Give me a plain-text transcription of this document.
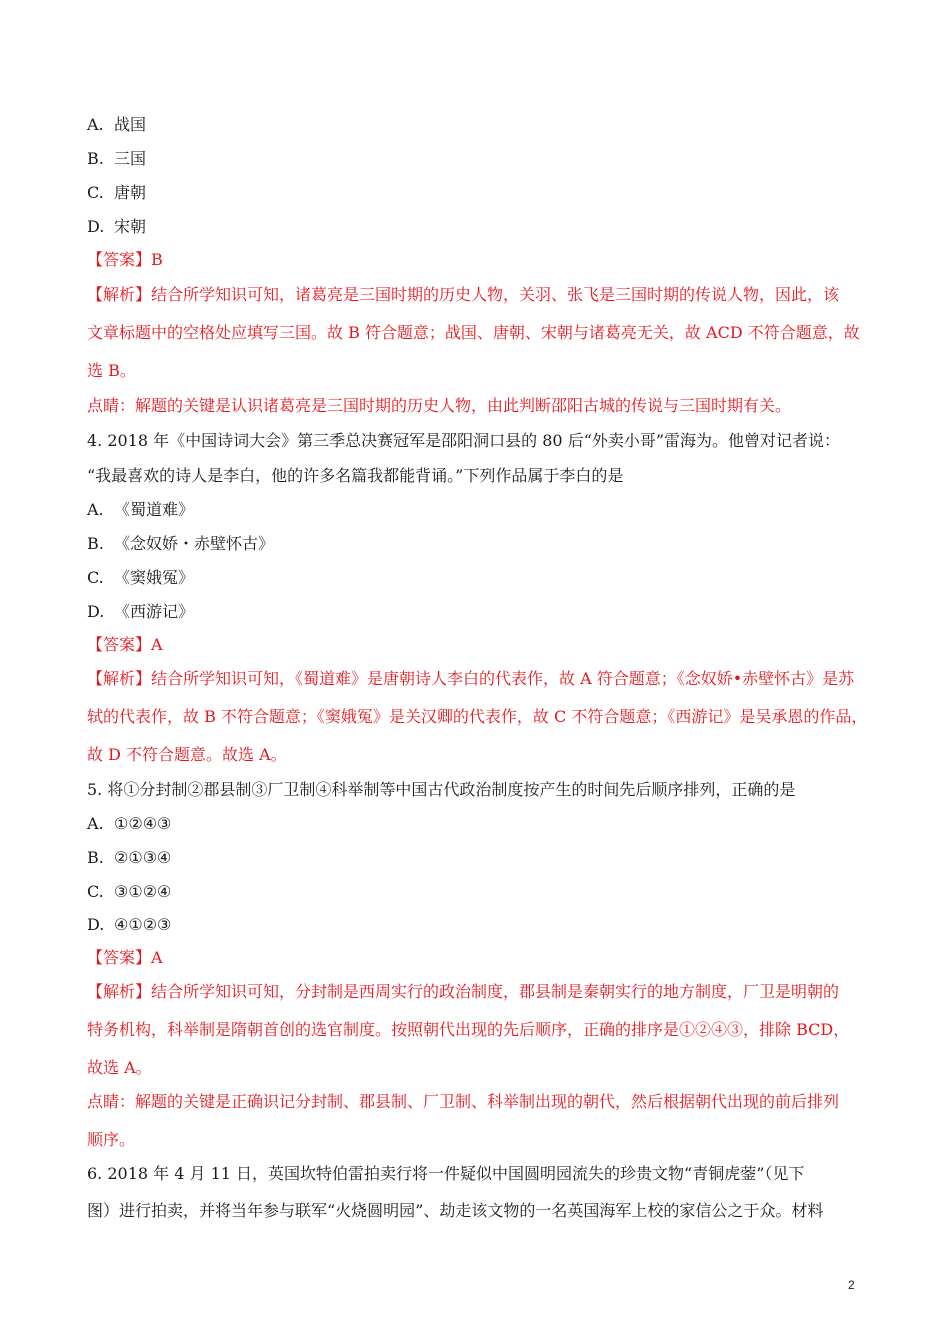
A. 战国
B. 三国
C. 唐朝
D. 宋朝
【答案】B
【解析】结合所学知识可知，诸葛亮是三国时期的历史人物，关羽、张飞是三国时期的传说人物，因此，该
文章标题中的空格处应填写三国。故 B 符合题意；战国、唐朝、宋朝与诸葛亮无关，故 ACD 不符合题意，故
选 B。
点睛：解题的关键是认识诸葛亮是三国时期的历史人物，由此判断邵阳古城的传说与三国时期有关。
4. 2018 年《中国诗词大会》第三季总决赛冠军是邵阳洞口县的 80 后“外卖小哥”雷海为。他曾对记者说：
“我最喜欢的诗人是李白，他的许多名篇我都能背诵。”下列作品属于李白的是
A. 《蜀道难》
B. 《念奴娇・赤壁怀古》
C. 《窦娥冤》
D. 《西游记》
【答案】A
【解析】结合所学知识可知，《蜀道难》是唐朝诗人李白的代表作，故 A 符合题意；《念奴娇•赤壁怀古》是苏
轼的代表作，故 B 不符合题意；《窦娥冤》是关汉卿的代表作，故 C 不符合题意；《西游记》是吴承恩的作品，
故 D 不符合题意。故选 A。
5. 将①分封制②郡县制③厂卫制④科举制等中国古代政治制度按产生的时间先后顺序排列，正确的是
A. ①②④③
B. ②①③④
C. ③①②④
D. ④①②③
【答案】A
【解析】结合所学知识可知，分封制是西周实行的政治制度，郡县制是秦朝实行的地方制度，厂卫是明朝的
特务机构，科举制是隋朝首创的选官制度。按照朝代出现的先后顺序，正确的排序是①②④③，排除 BCD，
故选 A。
点睛：解题的关键是正确识记分封制、郡县制、厂卫制、科举制出现的朝代，然后根据朝代出现的前后排列
顺序。
6. 2018 年 4 月 11 日，英国坎特伯雷拍卖行将一件疑似中国圆明园流失的珍贵文物“青铜虎蓥”（见下
图）进行拍卖，并将当年参与联军“火烧圆明园”、劫走该文物的一名英国海军上校的家信公之于众。材料
2
